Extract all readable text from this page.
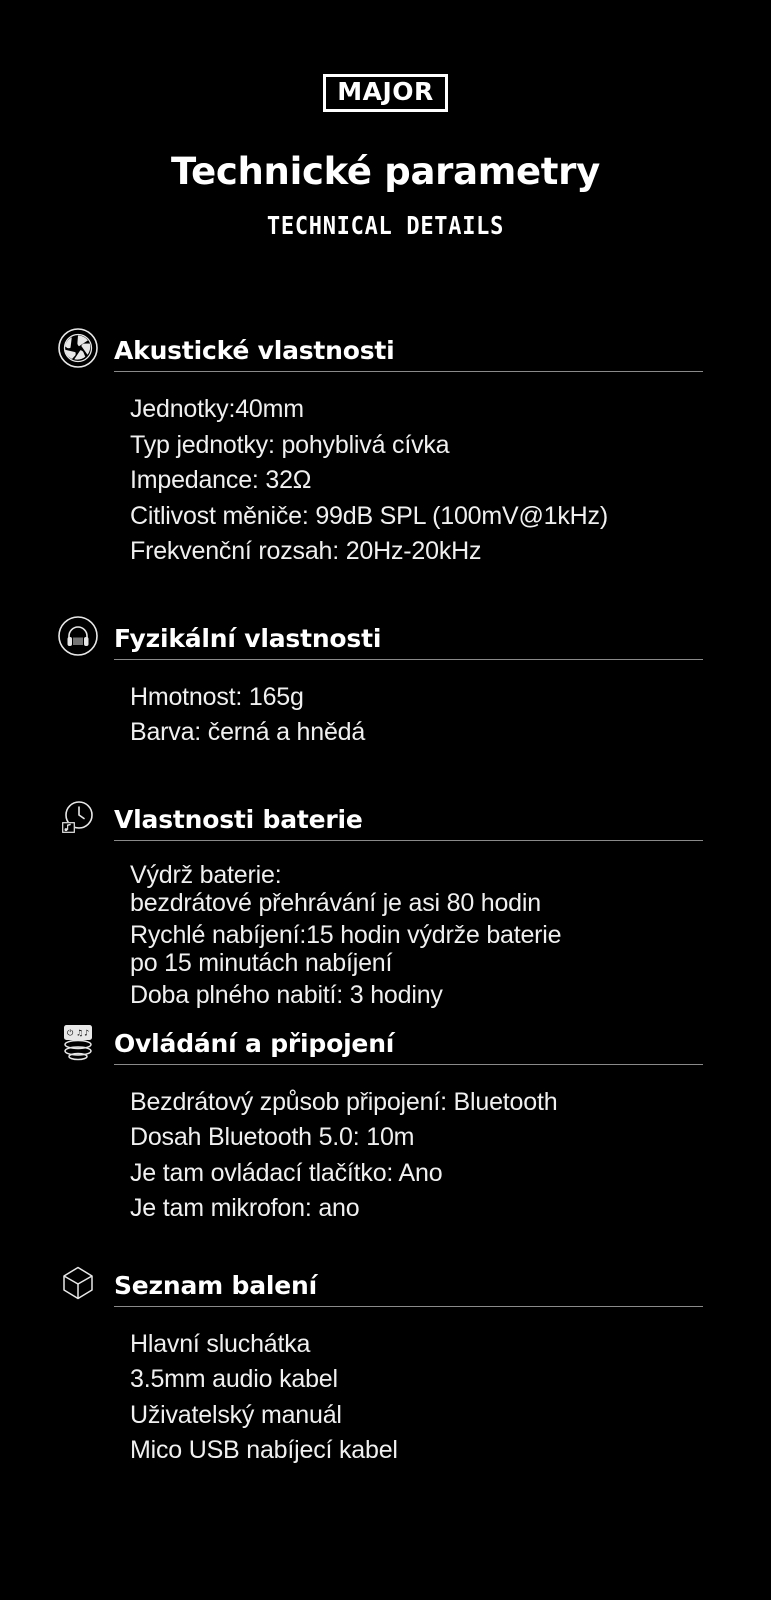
MAJOR
Technické parametry
TECHNICAL DETAILS
Akustické vlastnosti
Jednotky:40mm
Typ jednotky: pohyblivá cívka
Impedance: 32Ω
Citlivost měniče: 99dB SPL (100mV@1kHz)
Frekvenční rozsah: 20Hz-20kHz
Fyzikální vlastnosti
Hmotnost: 165g
Barva: černá a hnědá
Vlastnosti baterie
Výdrž baterie:
bezdrátové přehrávání je asi 80 hodin
Rychlé nabíjení:15 hodin výdrže baterie
po 15 minutách nabíjení
Doba plného nabití: 3 hodiny
⏻ ♫ ♪ Ovládání a připojení
Bezdrátový způsob připojení: Bluetooth
Dosah Bluetooth 5.0: 10m
Je tam ovládací tlačítko: Ano
Je tam mikrofon: ano
Seznam balení
Hlavní sluchátka
3.5mm audio kabel
Uživatelský manuál
Mico USB nabíjecí kabel
